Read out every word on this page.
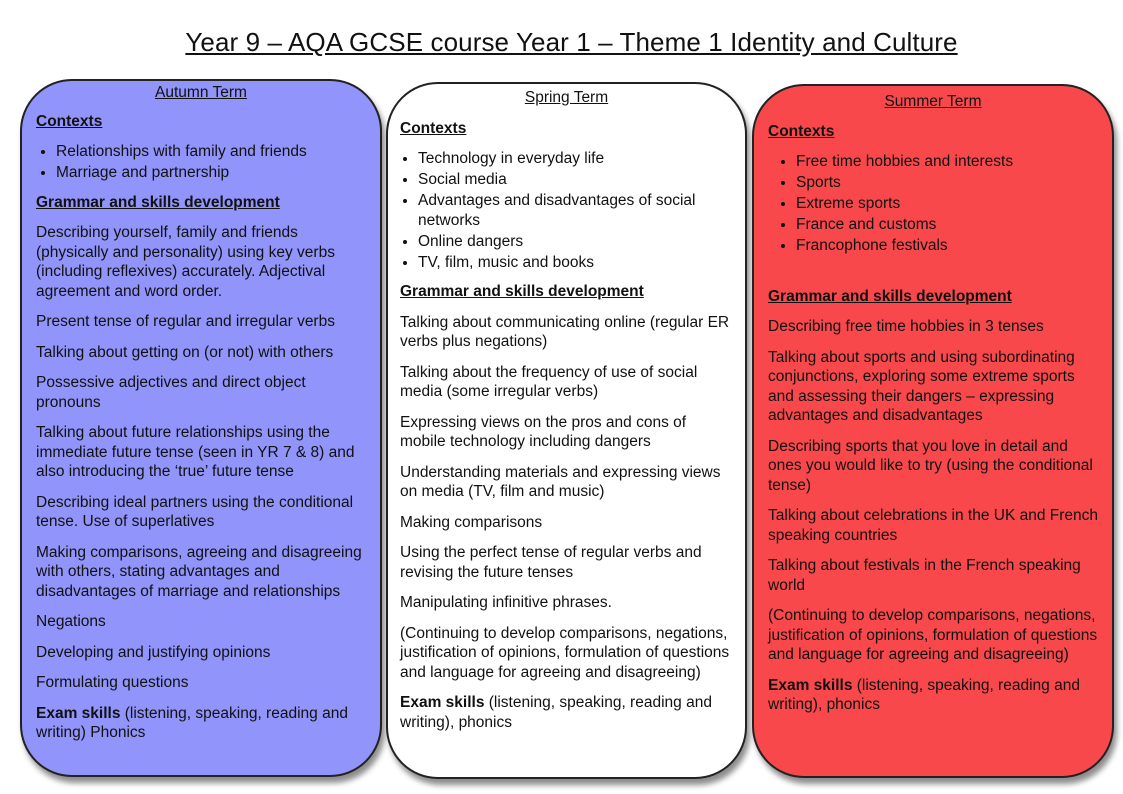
Year 9 – AQA GCSE course Year 1 – Theme 1 Identity and Culture
Autumn Term

Contexts

• Relationships with family and friends
• Marriage and partnership

Grammar and skills development

Describing yourself, family and friends (physically and personality) using key verbs (including reflexives) accurately. Adjectival agreement and word order.

Present tense of regular and irregular verbs

Talking about getting on (or not) with others

Possessive adjectives and direct object pronouns

Talking about future relationships using the immediate future tense (seen in YR 7 & 8) and also introducing the ‘true’ future tense

Describing ideal partners using the conditional tense. Use of superlatives

Making comparisons, agreeing and disagreeing with others, stating advantages and disadvantages of marriage and relationships

Negations

Developing and justifying opinions

Formulating questions

Exam skills (listening, speaking, reading and writing) Phonics

Spring Term

Contexts

• Technology in everyday life
• Social media
• Advantages and disadvantages of social networks
• Online dangers
• TV, film, music and books

Grammar and skills development

Talking about communicating online (regular ER verbs plus negations)

Talking about the frequency of use of social media (some irregular verbs)

Expressing views on the pros and cons of mobile technology including dangers

Understanding materials and expressing views on media (TV, film and music)

Making comparisons

Using the perfect tense of regular verbs and revising the future tenses

Manipulating infinitive phrases.

(Continuing to develop comparisons, negations, justification of opinions, formulation of questions and language for agreeing and disagreeing)

Exam skills (listening, speaking, reading and writing), phonics

Summer Term

Contexts

• Free time hobbies and interests
• Sports
• Extreme sports
• France and customs
• Francophone festivals

Grammar and skills development

Describing free time hobbies in 3 tenses

Talking about sports and using subordinating conjunctions, exploring some extreme sports and assessing their dangers – expressing advantages and disadvantages

Describing sports that you love in detail and ones you would like to try (using the conditional tense)

Talking about celebrations in the UK and French speaking countries

Talking about festivals in the French speaking world

(Continuing to develop comparisons, negations, justification of opinions, formulation of questions and language for agreeing and disagreeing)

Exam skills (listening, speaking, reading and writing), phonics
